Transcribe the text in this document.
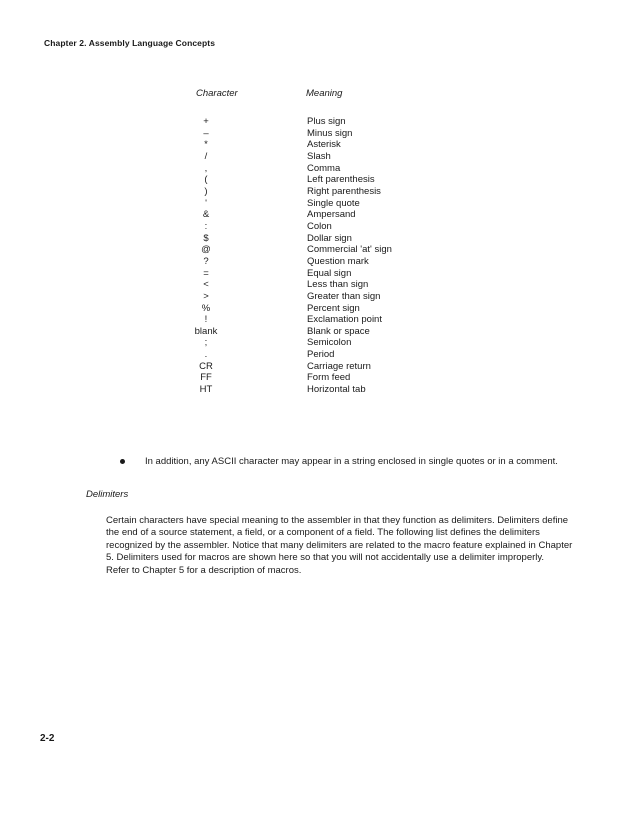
Chapter 2. Assembly Language Concepts
Character	Meaning
+	Plus sign
–	Minus sign
*	Asterisk
/	Slash
,	Comma
(	Left parenthesis
)	Right parenthesis
'	Single quote
&	Ampersand
:	Colon
$	Dollar sign
@	Commercial 'at' sign
?	Question mark
=	Equal sign
<	Less than sign
>	Greater than sign
%	Percent sign
!	Exclamation point
blank	Blank or space
;	Semicolon
.	Period
CR	Carriage return
FF	Form feed
HT	Horizontal tab
In addition, any ASCII character may appear in a string enclosed in single quotes or in a comment.
Delimiters
Certain characters have special meaning to the assembler in that they function as delimiters. Delimiters define
the end of a source statement, a field, or a component of a field. The following list defines the delimiters
recognized by the assembler. Notice that many delimiters are related to the macro feature explained in Chapter
5. Delimiters used for macros are shown here so that you will not accidentally use a delimiter improperly.
Refer to Chapter 5 for a description of macros.
2-2
